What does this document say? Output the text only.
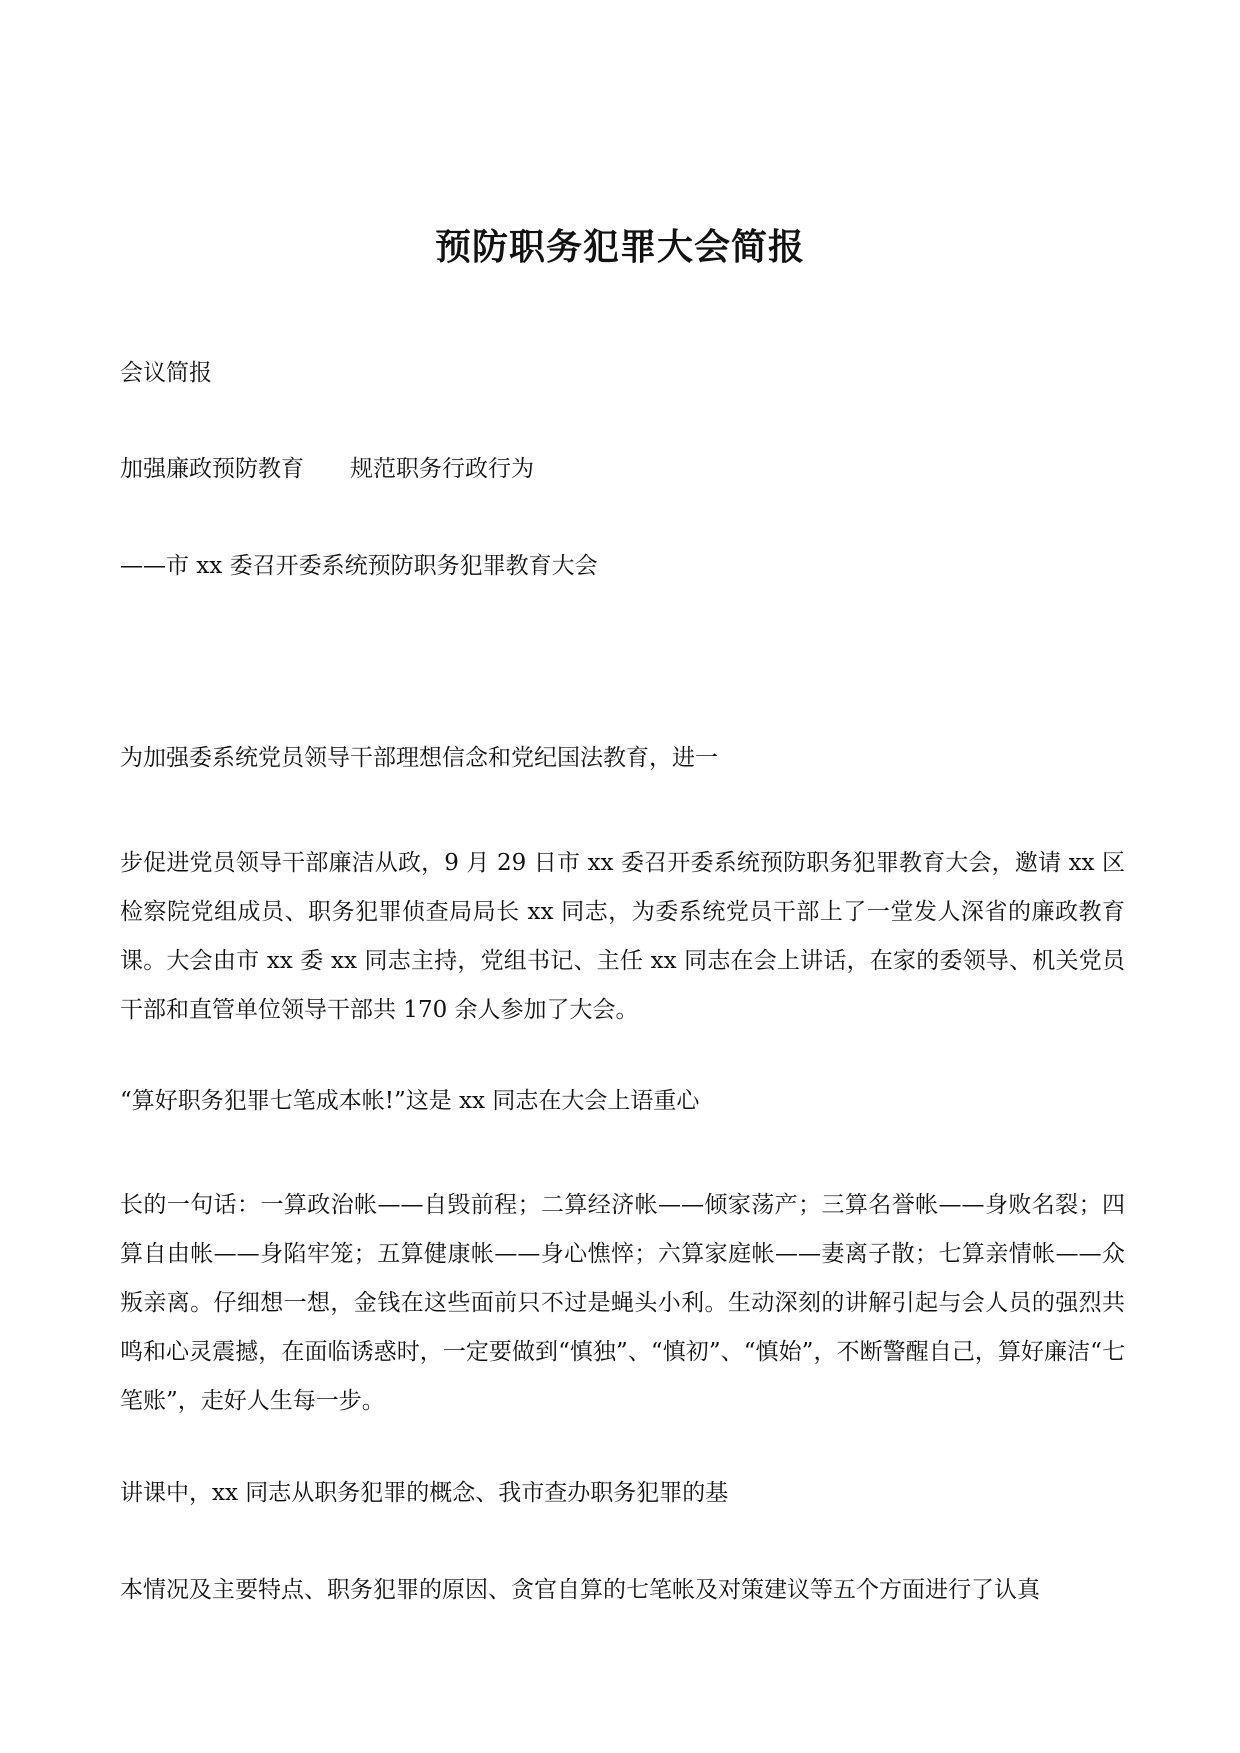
预防职务犯罪大会简报
会议简报
加强廉政预防教育 规范职务行政行为
——市 xx 委召开委系统预防职务犯罪教育大会
为加强委系统党员领导干部理想信念和党纪国法教育，进一
步促进党员领导干部廉洁从政，9 月 29 日市 xx 委召开委系统预防职务犯罪教育大会，邀请 xx 区检察院党组成员、职务犯罪侦查局局长 xx 同志，为委系统党员干部上了一堂发人深省的廉政教育课。大会由市 xx 委 xx 同志主持，党组书记、主任 xx 同志在会上讲话，在家的委领导、机关党员干部和直管单位领导干部共 170 余人参加了大会。
“算好职务犯罪七笔成本帐!”这是 xx 同志在大会上语重心
长的一句话：一算政治帐——自毁前程；二算经济帐——倾家荡产；三算名誉帐——身败名裂；四算自由帐——身陷牢笼；五算健康帐——身心憔悴；六算家庭帐——妻离子散；七算亲情帐——众叛亲离。仔细想一想，金钱在这些面前只不过是蝇头小利。生动深刻的讲解引起与会人员的强烈共鸣和心灵震撼，在面临诱惑时，一定要做到“慎独”、“慎初”、“慎始”，不断警醒自己，算好廉洁“七笔账”，走好人生每一步。
讲课中，xx 同志从职务犯罪的概念、我市查办职务犯罪的基
本情况及主要特点、职务犯罪的原因、贪官自算的七笔帐及对策建议等五个方面进行了认真
